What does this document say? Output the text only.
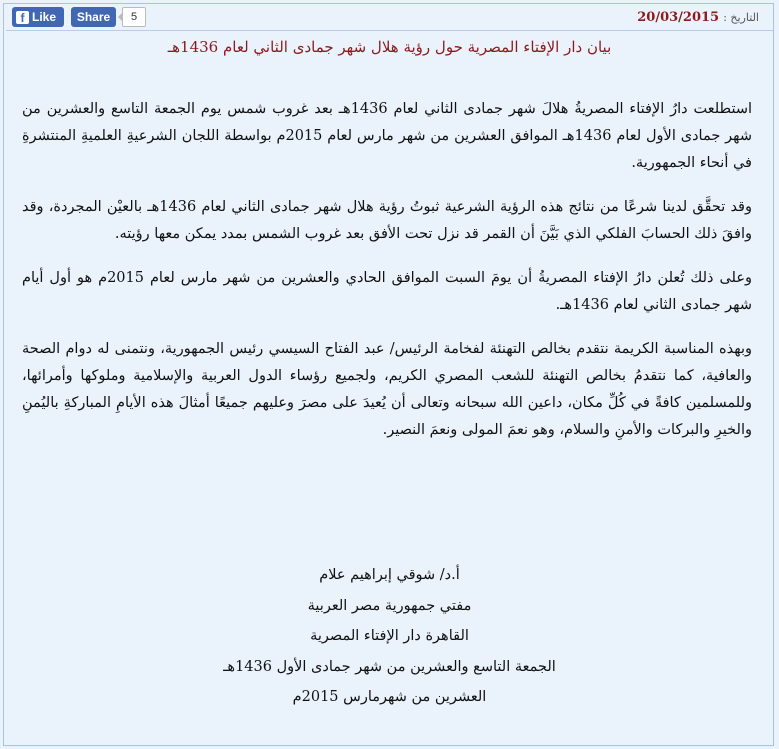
f Like	Share	5	التاريخ : 20/03/2015
بيان دار الإفتاء المصرية حول رؤية هلال شهر جمادى الثاني لعام 1436هـ

استطلعت دارُ الإفتاء المصريةُ هلالَ شهر جمادى الثاني لعام 1436هـ بعد غروب شمس يوم الجمعة التاسع والعشرين من شهر جمادى الأول لعام 1436هـ الموافق العشرين من شهر مارس لعام 2015م بواسطة اللجان الشرعيةِ العلميةِ المنتشرةِ في أنحاء الجمهورية.

وقد تحقَّق لدينا شرعًا من نتائج هذه الرؤية الشرعية ثبوتُ رؤية هلال شهر جمادى الثاني لعام 1436هـ بالعيْن المجردة، وقد وافقَ ذلك الحسابَ الفلكي الذي بَيَّنَ أن القمر قد نزل تحت الأفق بعد غروب الشمس بمدد يمكن معها رؤيته.

وعلى ذلك تُعلن دارُ الإفتاء المصريةُ أن يومَ السبت الموافق الحادي والعشرين من شهر مارس لعام 2015م هو أول أيام شهر جمادى الثاني لعام 1436هـ.

وبهذه المناسبة الكريمة نتقدم بخالص التهنئة لفخامة الرئيس/ عبد الفتاح السيسي رئيس الجمهورية، ونتمنى له دوام الصحة والعافية، كما نتقدمُ بخالص التهنئة للشعب المصري الكريم، ولجميع رؤساء الدول العربية والإسلامية وملوكها وأمرائها، وللمسلمين كافةً في كُلِّ مكان، داعين الله سبحانه وتعالى أن يُعيدَ على مصرَ وعليهم جميعًا أمثالَ هذه الأيامِ المباركةِ باليُمنِ والخيرِ والبركات والأمنِ والسلام، وهو نعمَ المولى ونعمَ النصير.

أ.د/ شوقي إبراهيم علام
مفتي جمهورية مصر العربية
القاهرة دار الإفتاء المصرية
الجمعة التاسع والعشرين من شهر جمادى الأول 1436هـ
العشرين من شهرمارس 2015م
